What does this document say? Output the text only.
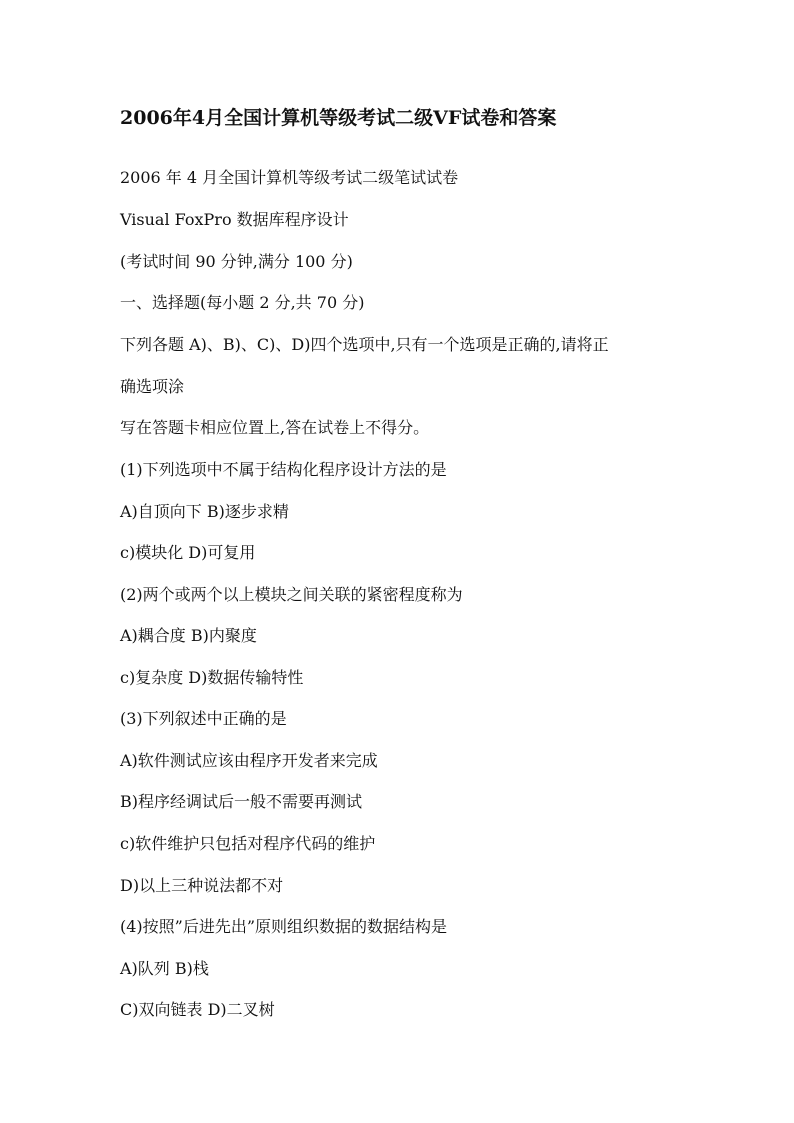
2006年4月全国计算机等级考试二级VF试卷和答案
2006 年 4 月全国计算机等级考试二级笔试试卷
Visual FoxPro 数据库程序设计
(考试时间 90 分钟,满分 100 分)
一、选择题(每小题 2 分,共 70 分)
下列各题 A)、B)、C)、D)四个选项中,只有一个选项是正确的,请将正
确选项涂
写在答题卡相应位置上,答在试卷上不得分。
(1)下列选项中不属于结构化程序设计方法的是
A)自顶向下 B)逐步求精
c)模块化 D)可复用
(2)两个或两个以上模块之间关联的紧密程度称为
A)耦合度 B)内聚度
c)复杂度 D)数据传输特性
(3)下列叙述中正确的是
A)软件测试应该由程序开发者来完成
B)程序经调试后一般不需要再测试
c)软件维护只包括对程序代码的维护
D)以上三种说法都不对
(4)按照”后进先出”原则组织数据的数据结构是
A)队列 B)栈
C)双向链表 D)二叉树
